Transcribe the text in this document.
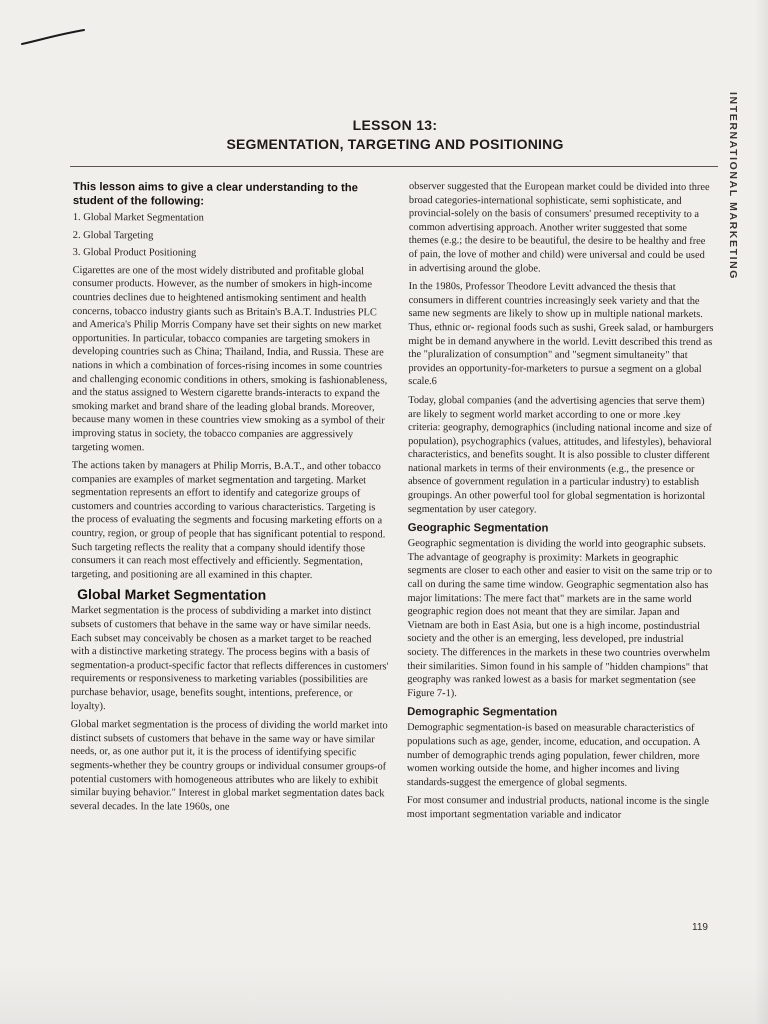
INTERNATIONAL MARKETING
LESSON 13:
SEGMENTATION, TARGETING AND POSITIONING
This lesson aims to give a clear understanding to the student of the following:
1. Global Market Segmentation
2. Global Targeting
3. Global Product Positioning

Cigarettes are one of the most widely distributed and profitable global consumer products. However, as the number of smokers in high-income countries declines due to heightened antismoking sentiment and health concerns, tobacco industry giants such as Britain's B.A.T. Industries PLC and America's Philip Morris Company have set their sights on new market opportunities. In particular, tobacco companies are targeting smokers in developing countries such as China; Thailand, India, and Russia. These are nations in which a combination of forces-rising incomes in some countries and challenging economic conditions in others, smoking is fashionableness, and the status assigned to Western cigarette brands-interacts to expand the smoking market and brand share of the leading global brands. Moreover, because many women in these countries view smoking as a symbol of their improving status in society, the tobacco companies are aggressively targeting women.

The actions taken by managers at Philip Morris, B.A.T., and other tobacco companies are examples of market segmentation and targeting. Market segmentation represents an effort to identify and categorize groups of customers and countries according to various characteristics. Targeting is the process of evaluating the segments and focusing marketing efforts on a country, region, or group of people that has significant potential to respond. Such targeting reflects the reality that a company should identify those consumers it can reach most effectively and efficiently. Segmentation, targeting, and positioning are all examined in this chapter.

Global Market Segmentation

Market segmentation is the process of subdividing a market into distinct subsets of customers that behave in the same way or have similar needs. Each subset may conceivably be chosen as a market target to be reached with a distinctive marketing strategy. The process begins with a basis of segmentation-a product-specific factor that reflects differences in customers' requirements or responsiveness to marketing variables (possibilities are purchase behavior, usage, benefits sought, intentions, preference, or loyalty).

Global market segmentation is the process of dividing the world market into distinct subsets of customers that behave in the same way or have similar needs, or, as one author put it, it is the process of identifying specific segments-whether they be country groups or individual consumer groups-of potential customers with homogeneous attributes who are likely to exhibit similar buying behavior." Interest in global market segmentation dates back several decades. In the late 1960s, one

observer suggested that the European market could be divided into three broad categories-international sophisticate, semi sophisticate, and provincial-solely on the basis of consumers' presumed receptivity to a common advertising approach. Another writer suggested that some themes (e.g.; the desire to be beautiful, the desire to be healthy and free of pain, the love of mother and child) were universal and could be used in advertising around the globe.

In the 1980s, Professor Theodore Levitt advanced the thesis that consumers in different countries increasingly seek variety and that the same new segments are likely to show up in multiple national markets. Thus, ethnic or- regional foods such as sushi, Greek salad, or hamburgers might be in demand anywhere in the world. Levitt described this trend as the "pluralization of consumption" and "segment simultaneity" that provides an opportunity-for-marketers to pursue a segment on a global scale.6

Today, global companies (and the advertising agencies that serve them) are likely to segment world market according to one or more .key criteria: geography, demographics (including national income and size of population), psychographics (values, attitudes, and lifestyles), behavioral characteristics, and benefits sought. It is also possible to cluster different national markets in terms of their environments (e.g., the presence or absence of government regulation in a particular industry) to establish groupings. An other powerful tool for global segmentation is horizontal segmentation by user category.

Geographic Segmentation

Geographic segmentation is dividing the world into geographic subsets. The advantage of geography is proximity: Markets in geographic segments are closer to each other and easier to visit on the same trip or to call on during the same time window. Geographic segmentation also has major limitations: The mere fact that" markets are in the same world geographic region does not meant that they are similar. Japan and Vietnam are both in East Asia, but one is a high income, postindustrial society and the other is an emerging, less developed, pre industrial society. The differences in the markets in these two countries overwhelm their similarities. Simon found in his sample of "hidden champions" that geography was ranked lowest as a basis for market segmentation (see Figure 7-1).

Demographic Segmentation

Demographic segmentation-is based on measurable characteristics of populations such as age, gender, income, education, and occupation. A number of demographic trends aging population, fewer children, more women working outside the home, and higher incomes and living standards-suggest the emergence of global segments.

For most consumer and industrial products, national income is the single most important segmentation variable and indicator

119
